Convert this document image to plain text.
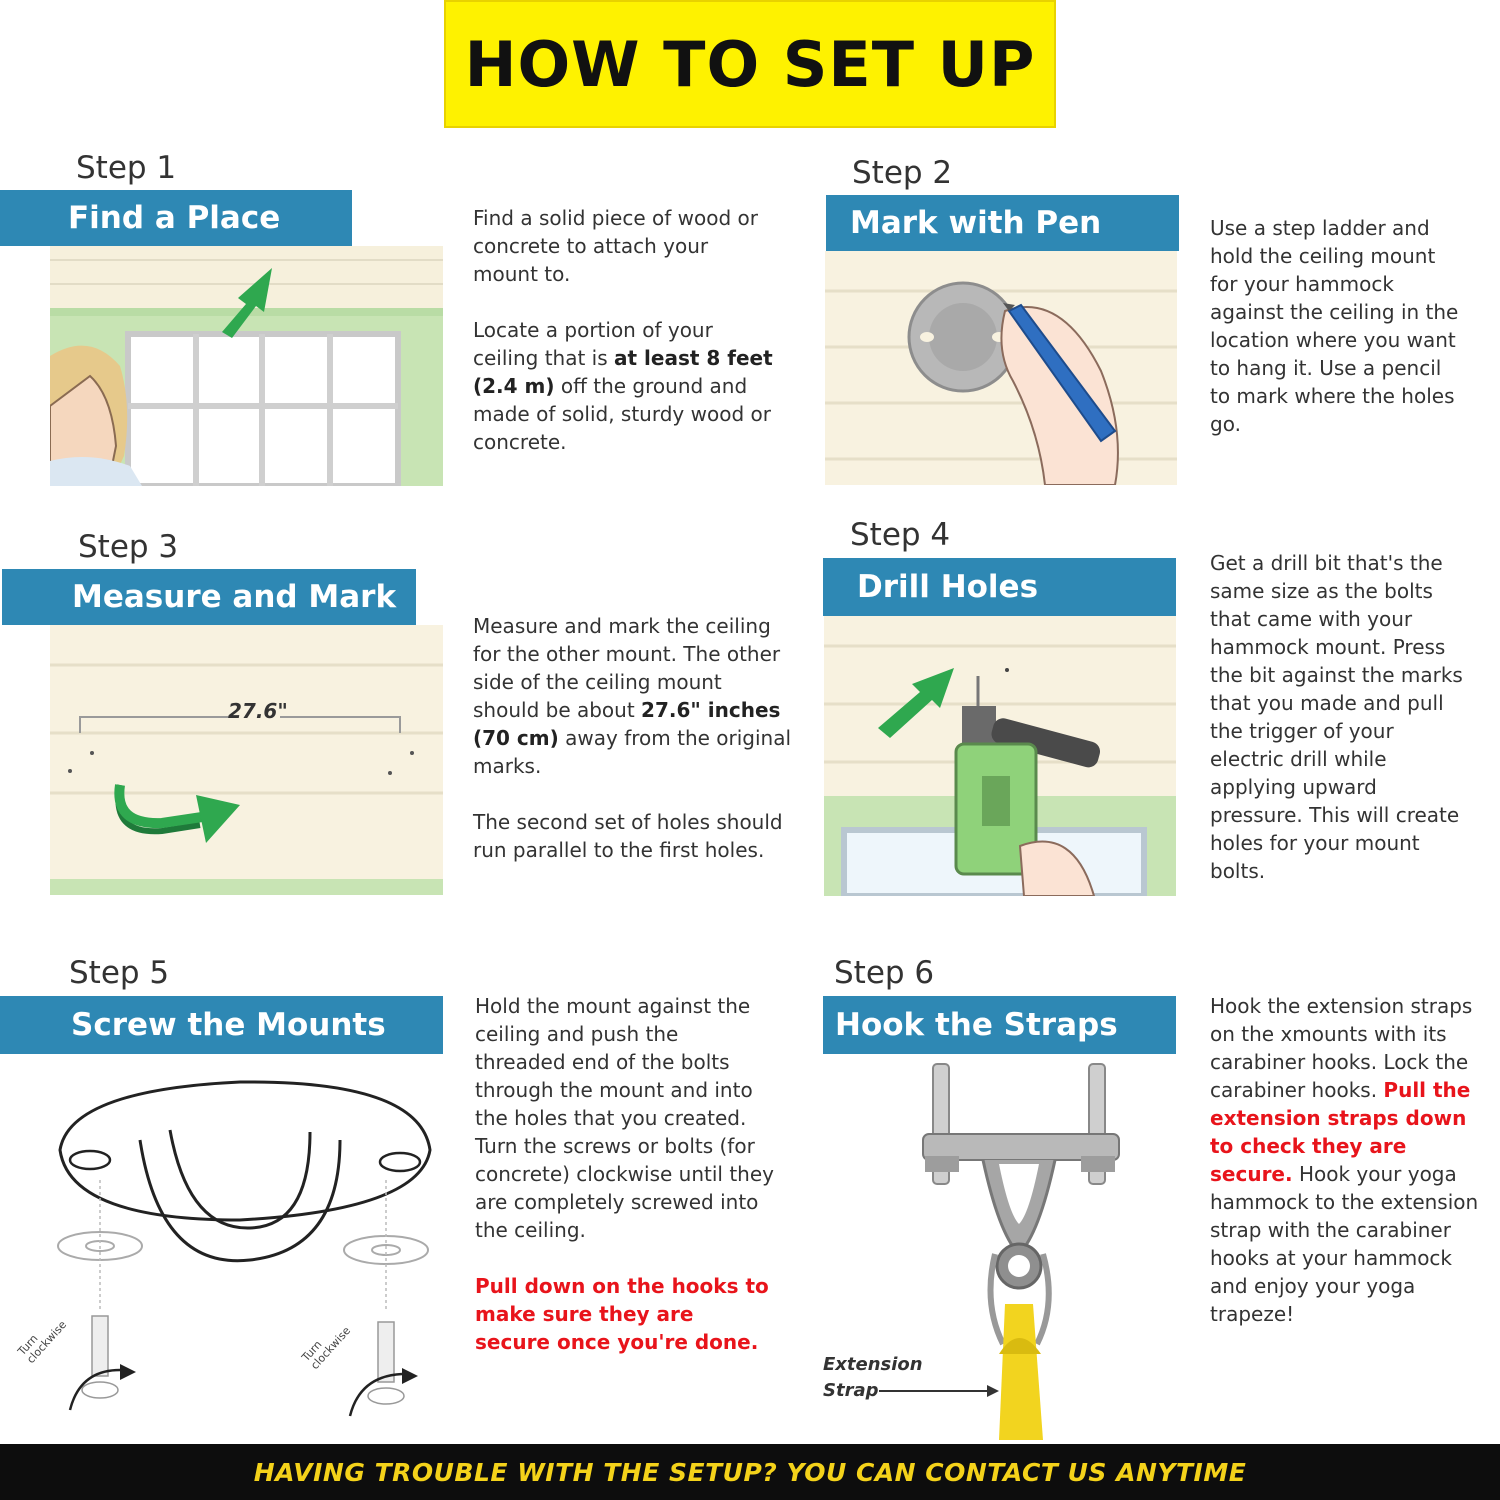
HOW TO SET UP
Step 1
Find a Place	Find a solid piece of wood or concrete to attach your mount to.

Locate a portion of your ceiling that is at least 8 feet (2.4 m) off the ground and made of solid, sturdy wood or concrete.

Step 2
Mark with Pen	Use a step ladder and hold the ceiling mount for your hammock against the ceiling in the location where you want to hang it. Use a pencil to mark where the holes go.

Step 3
Measure and Mark
27.6"

Measure and mark the ceiling for the other mount. The other side of the ceiling mount should be about 27.6" inches (70 cm) away from the original marks.

The second set of holes should run parallel to the first holes.

Step 4
Drill Holes

Get a drill bit that's the same size as the bolts that came with your hammock mount. Press the bit against the marks that you made and pull the trigger of your electric drill while applying upward pressure. This will create holes for your mount bolts.

Step 5
Screw the Mounts
Turn clockwise	Turn clockwise

Hold the mount against the ceiling and push the threaded end of the bolts through the mount and into the holes that you created. Turn the screws or bolts (for concrete) clockwise until they are completely screwed into the ceiling.

Pull down on the hooks to make sure they are secure once you're done.

Step 6
Hook the Straps
Extension
Strap

Hook the extension straps on the xmounts with its carabiner hooks. Lock the carabiner hooks. Pull the extension straps down to check they are secure. Hook your yoga hammock to the extension strap with the carabiner hooks at your hammock and enjoy your yoga trapeze!

HAVING TROUBLE WITH THE SETUP? YOU CAN CONTACT US ANYTIME
